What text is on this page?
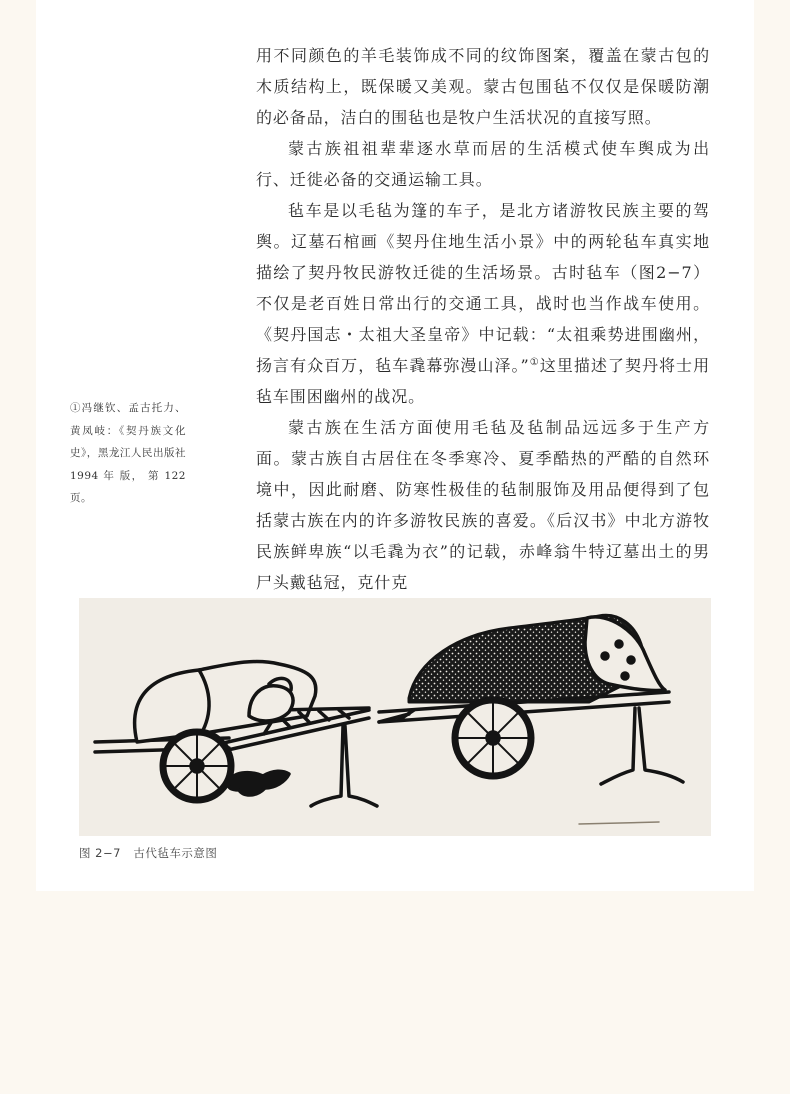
用不同颜色的羊毛装饰成不同的纹饰图案，覆盖在蒙古包的木质结构上，既保暖又美观。蒙古包围毡不仅仅是保暖防潮的必备品，洁白的围毡也是牧户生活状况的直接写照。

蒙古族祖祖辈辈逐水草而居的生活模式使车舆成为出行、迁徙必备的交通运输工具。

毡车是以毛毡为篷的车子，是北方诸游牧民族主要的驾舆。辽墓石棺画《契丹住地生活小景》中的两轮毡车真实地描绘了契丹牧民游牧迁徙的生活场景。古时毡车（图2−7）不仅是老百姓日常出行的交通工具，战时也当作战车使用。《契丹国志・太祖大圣皇帝》中记载：“太祖乘势进围幽州，扬言有众百万，毡车毳幕弥漫山泽。”①这里描述了契丹将士用毡车围困幽州的战况。

蒙古族在生活方面使用毛毡及毡制品远远多于生产方面。蒙古族自古居住在冬季寒冷、夏季酷热的严酷的自然环境中，因此耐磨、防寒性极佳的毡制服饰及用品便得到了包括蒙古族在内的许多游牧民族的喜爱。《后汉书》中北方游牧民族鲜卑族“以毛毳为衣”的记载，赤峰翁牛特辽墓出土的男尸头戴毡冠，克什克

①冯继钦、孟古托力、黄凤岐：《契丹族文化史》，黑龙江人民出版社 1994 年 版， 第 122 页。
图 2−7   古代毡车示意图
